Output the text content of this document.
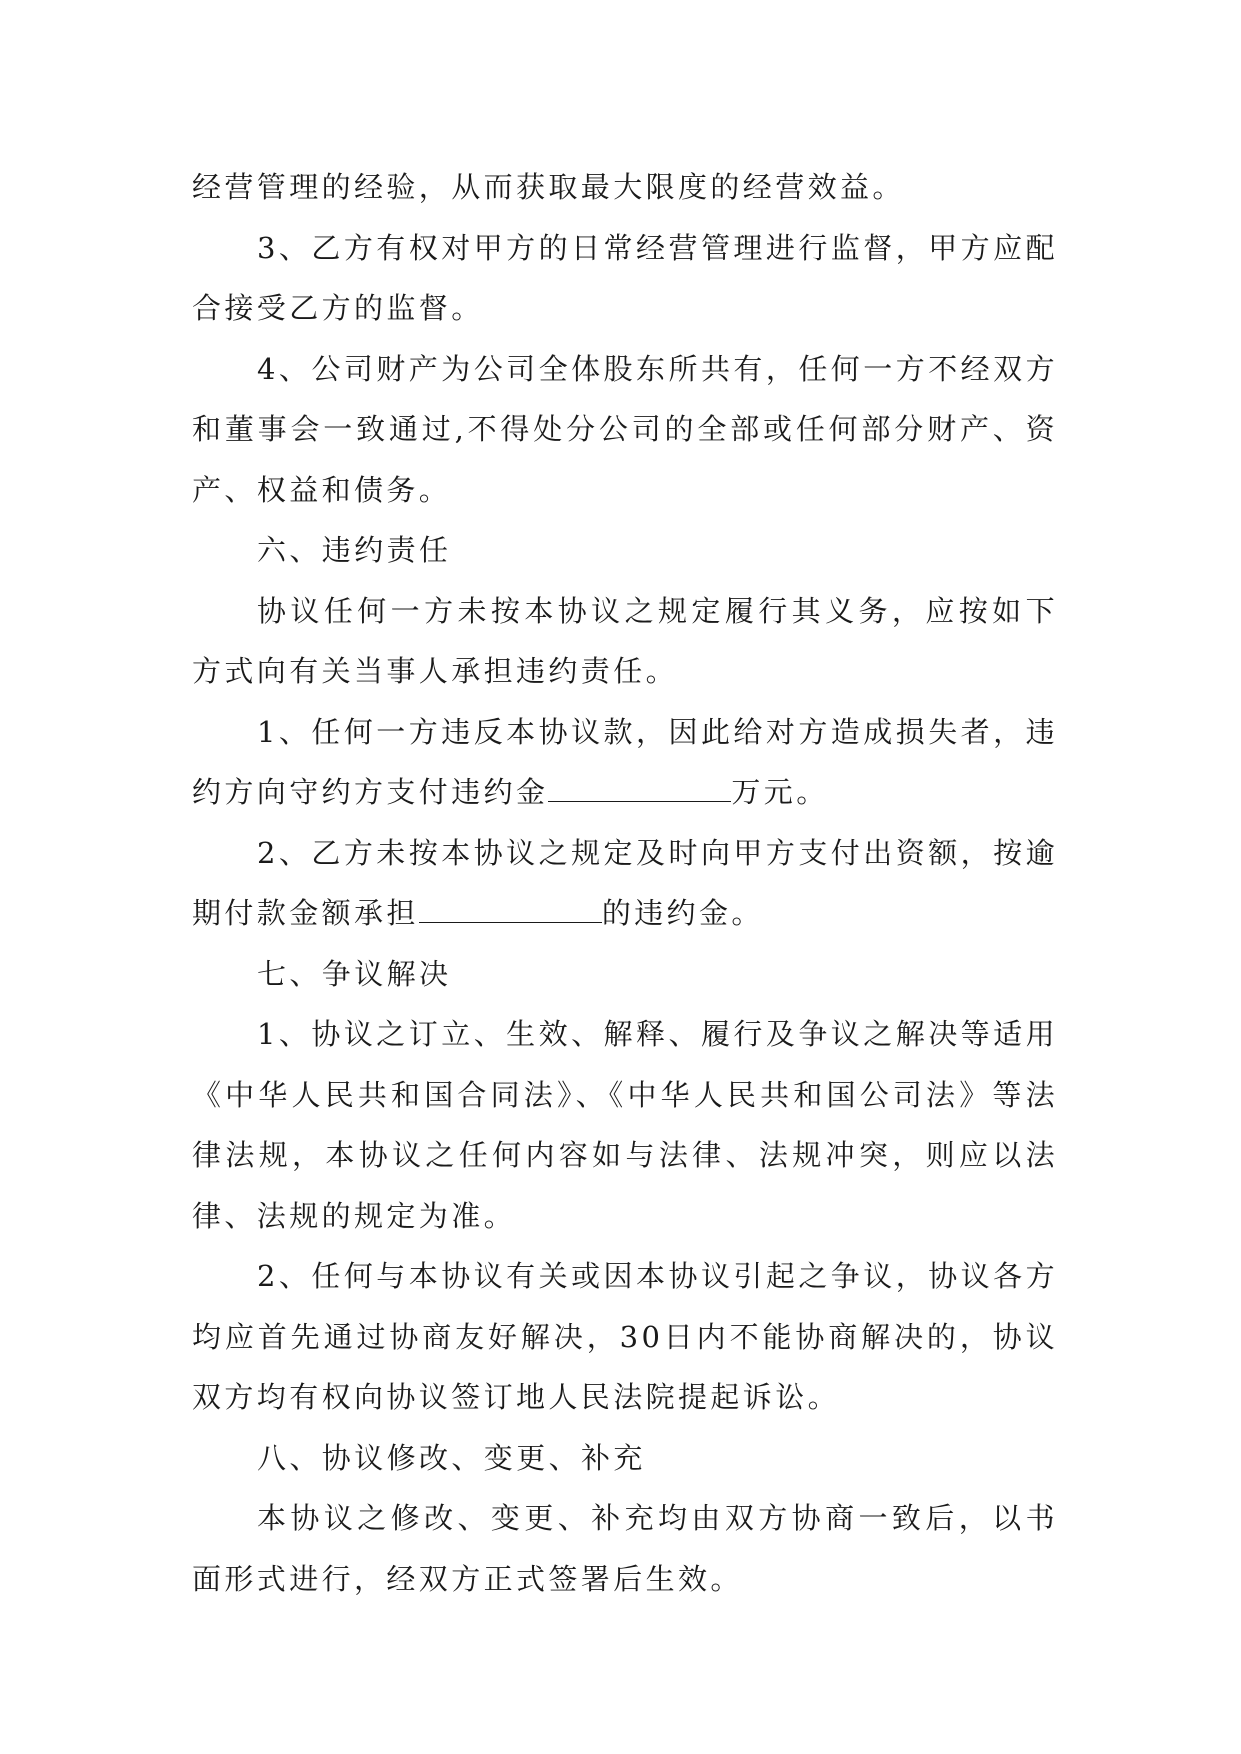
经营管理的经验，从而获取最大限度的经营效益。

3、乙方有权对甲方的日常经营管理进行监督，甲方应配合接受乙方的监督。

4、公司财产为公司全体股东所共有，任何一方不经双方和董事会一致通过,不得处分公司的全部或任何部分财产、资产、权益和债务。

六、违约责任

协议任何一方未按本协议之规定履行其义务，应按如下方式向有关当事人承担违约责任。

1、任何一方违反本协议款，因此给对方造成损失者，违约方向守约方支付违约金	万元。

2、乙方未按本协议之规定及时向甲方支付出资额，按逾期付款金额承担	的违约金。

七、争议解决

1、协议之订立、生效、解释、履行及争议之解决等适用《中华人民共和国合同法》、《中华人民共和国公司法》等法律法规，本协议之任何内容如与法律、法规冲突，则应以法律、法规的规定为准。

2、任何与本协议有关或因本协议引起之争议，协议各方均应首先通过协商友好解决，30日内不能协商解决的，协议双方均有权向协议签订地人民法院提起诉讼。

八、协议修改、变更、补充

本协议之修改、变更、补充均由双方协商一致后，以书面形式进行，经双方正式签署后生效。
